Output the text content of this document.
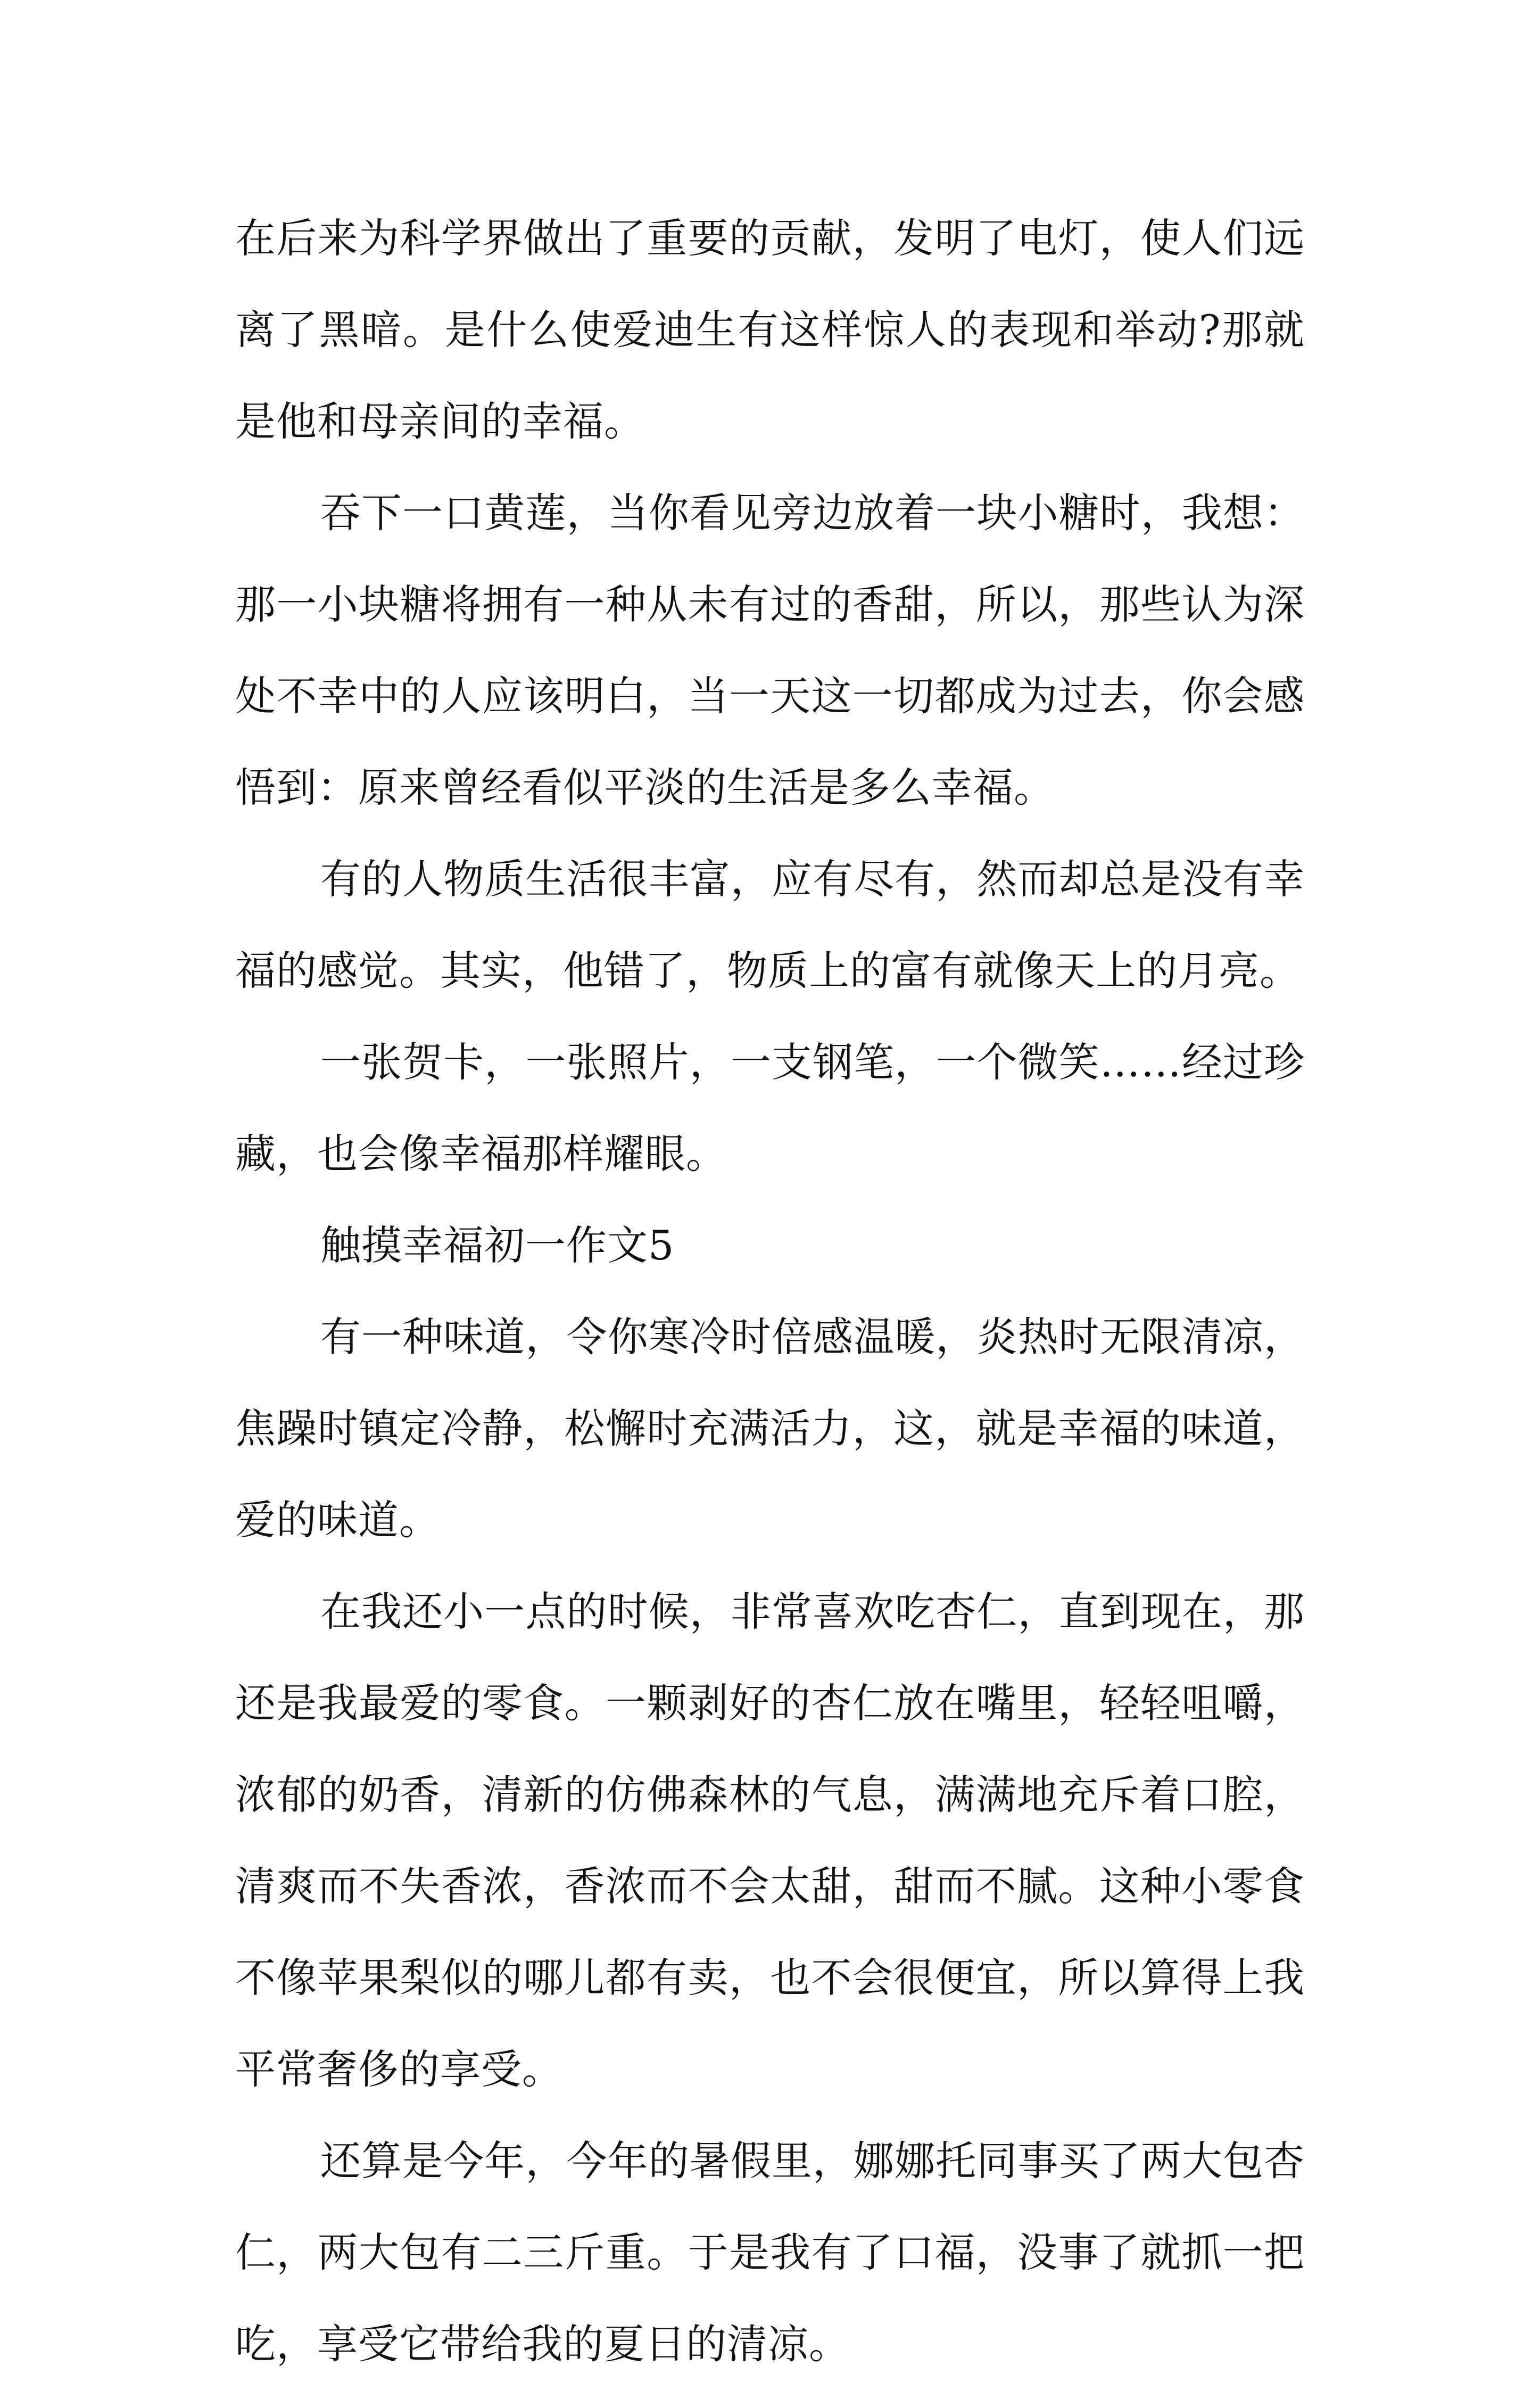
在后来为科学界做出了重要的贡献，发明了电灯，使人们远离了黑暗。是什么使爱迪生有这样惊人的表现和举动?那就是他和母亲间的幸福。

吞下一口黄莲，当你看见旁边放着一块小糖时，我想：那一小块糖将拥有一种从未有过的香甜，所以，那些认为深处不幸中的人应该明白，当一天这一切都成为过去，你会感悟到：原来曾经看似平淡的生活是多么幸福。

有的人物质生活很丰富，应有尽有，然而却总是没有幸福的感觉。其实，他错了，物质上的富有就像天上的月亮。

一张贺卡，一张照片，一支钢笔，一个微笑……经过珍藏，也会像幸福那样耀眼。

触摸幸福初一作文5

有一种味道，令你寒冷时倍感温暖，炎热时无限清凉，焦躁时镇定冷静，松懈时充满活力，这，就是幸福的味道，爱的味道。

在我还小一点的时候，非常喜欢吃杏仁，直到现在，那还是我最爱的零食。一颗剥好的杏仁放在嘴里，轻轻咀嚼，浓郁的奶香，清新的仿佛森林的气息，满满地充斥着口腔，清爽而不失香浓，香浓而不会太甜，甜而不腻。这种小零食不像苹果梨似的哪儿都有卖，也不会很便宜，所以算得上我平常奢侈的享受。

还算是今年，今年的暑假里，娜娜托同事买了两大包杏仁，两大包有二三斤重。于是我有了口福，没事了就抓一把吃，享受它带给我的夏日的清凉。
